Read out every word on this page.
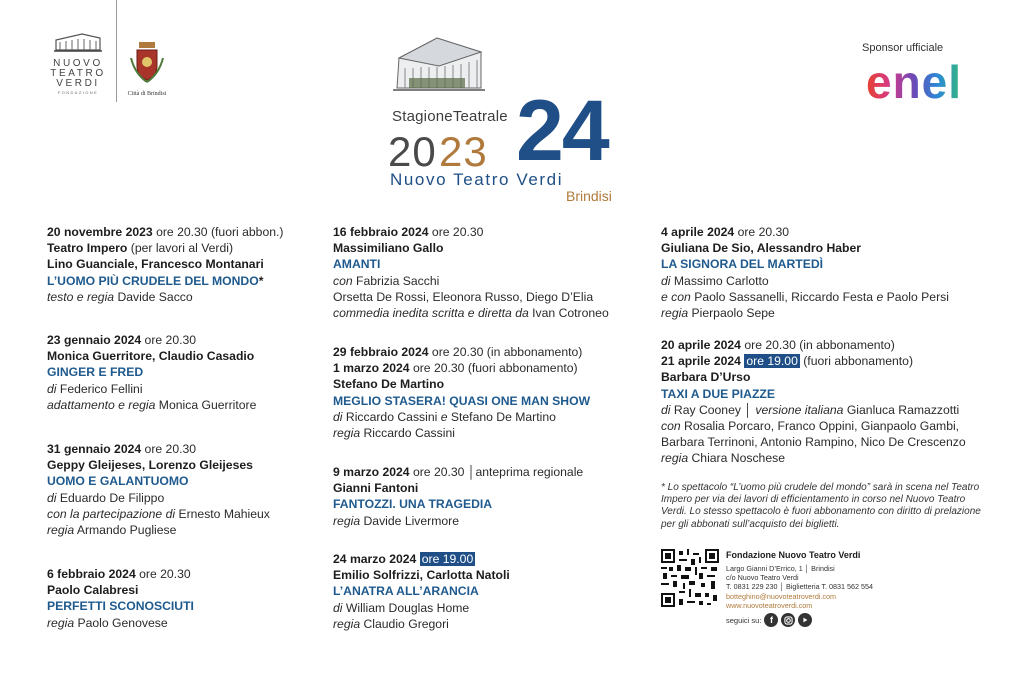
NUOVO
TEATRO
VERDI
FONDAZIONE	Città di Brindisi
Sponsor ufficiale
enel
StagioneTeatrale
20 23 24
Nuovo Teatro Verdi
Brindisi
20 novembre 2023 ore 20.30 (fuori abbon.)
Teatro Impero (per lavori al Verdi)
Lino Guanciale, Francesco Montanari
L’UOMO PIÙ CRUDELE DEL MONDO*
testo e regia Davide Sacco
23 gennaio 2024 ore 20.30
Monica Guerritore, Claudio Casadio
GINGER E FRED
di Federico Fellini
adattamento e regia Monica Guerritore
31 gennaio 2024 ore 20.30
Geppy Gleijeses, Lorenzo Gleijeses
UOMO E GALANTUOMO
di Eduardo De Filippo
con la partecipazione di Ernesto Mahieux
regia Armando Pugliese
6 febbraio 2024 ore 20.30
Paolo Calabresi
PERFETTI SCONOSCIUTI
regia Paolo Genovese
16 febbraio 2024 ore 20.30
Massimiliano Gallo
AMANTI
con Fabrizia Sacchi
Orsetta De Rossi, Eleonora Russo, Diego D’Elia
commedia inedita scritta e diretta da Ivan Cotroneo
29 febbraio 2024 ore 20.30 (in abbonamento)
1 marzo 2024 ore 20.30 (fuori abbonamento)
Stefano De Martino
MEGLIO STASERA! QUASI ONE MAN SHOW
di Riccardo Cassini e Stefano De Martino
regia Riccardo Cassini
9 marzo 2024 ore 20.30 │anteprima regionale
Gianni Fantoni
FANTOZZI. UNA TRAGEDIA
regia Davide Livermore
24 marzo 2024 ore 19.00
Emilio Solfrizzi, Carlotta Natoli
L’ANATRA ALL’ARANCIA
di William Douglas Home
regia Claudio Gregori
4 aprile 2024 ore 20.30
Giuliana De Sio, Alessandro Haber
LA SIGNORA DEL MARTEDÌ
di Massimo Carlotto
e con Paolo Sassanelli, Riccardo Festa e Paolo Persi
regia Pierpaolo Sepe
20 aprile 2024 ore 20.30 (in abbonamento)
21 aprile 2024 ore 19.00 (fuori abbonamento)
Barbara D’Urso
TAXI A DUE PIAZZE
di Ray Cooney │ versione italiana Gianluca Ramazzotti
con Rosalia Porcaro, Franco Oppini, Gianpaolo Gambi,
Barbara Terrinoni, Antonio Rampino, Nico De Crescenzo
regia Chiara Noschese
* Lo spettacolo “L’uomo più crudele del mondo” sarà in scena nel Teatro Impero per via dei lavori di efficientamento in corso nel Nuovo Teatro Verdi. Lo stesso spettacolo è fuori abbonamento con diritto di prelazione per gli abbonati sull’acquisto dei biglietti.
Fondazione Nuovo Teatro Verdi
Largo Gianni D’Errico, 1 │ Brindisi
c/o Nuovo Teatro Verdi
T. 0831 229 230 │ Biglietteria T. 0831 562 554
botteghino@nuovoteatroverdi.com
www.nuovoteatroverdi.com
seguici su: f
